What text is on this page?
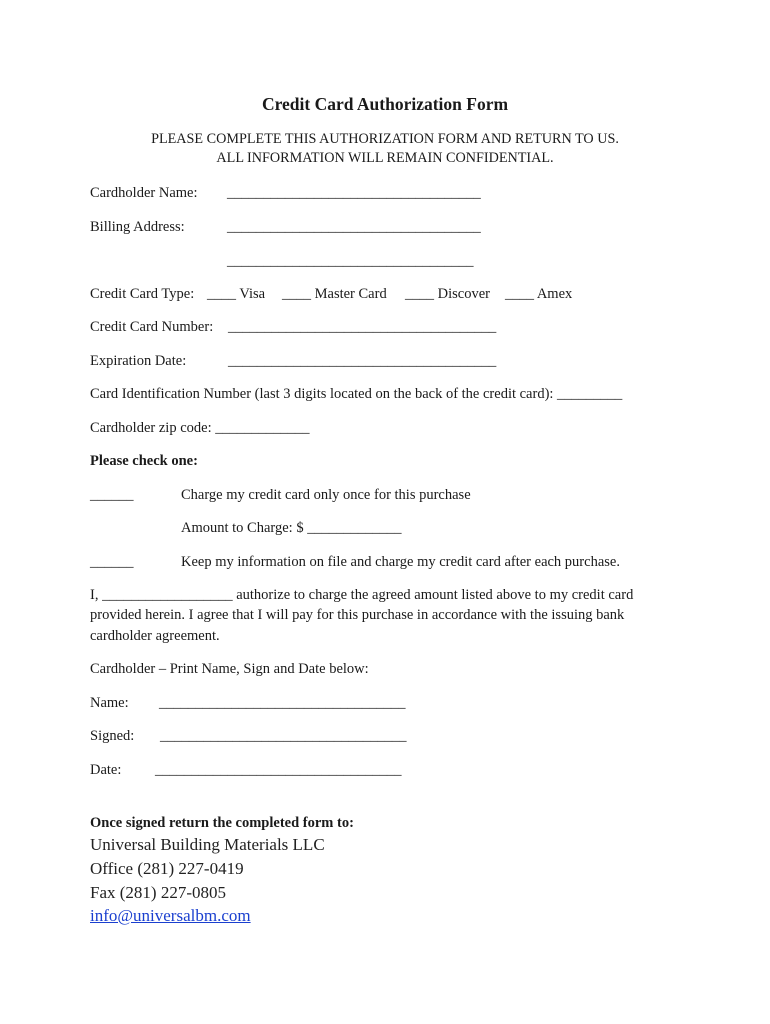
Credit Card Authorization Form
PLEASE COMPLETE THIS AUTHORIZATION FORM AND RETURN TO US.
ALL INFORMATION WILL REMAIN CONFIDENTIAL.
Cardholder Name: ___________________________________
Billing Address:	___________________________________
__________________________________
Credit Card Type: ____ Visa ____ Master Card ____ Discover ____ Amex
Credit Card Number: _____________________________________
Expiration Date:	_____________________________________
Card Identification Number (last 3 digits located on the back of the credit card): _________
Cardholder zip code: _____________
Please check one:
______	Charge my credit card only once for this purchase
Amount to Charge: $ _____________
______	Keep my information on file and charge my credit card after each purchase.
I, __________________ authorize to charge the agreed amount listed above to my credit card
provided herein. I agree that I will pay for this purchase in accordance with the issuing bank
cardholder agreement.
Cardholder – Print Name, Sign and Date below:
Name: __________________________________
Signed: __________________________________
Date: __________________________________
Once signed return the completed form to:
Universal Building Materials LLC
Office (281) 227-0419
Fax (281) 227-0805
info@universalbm.com
